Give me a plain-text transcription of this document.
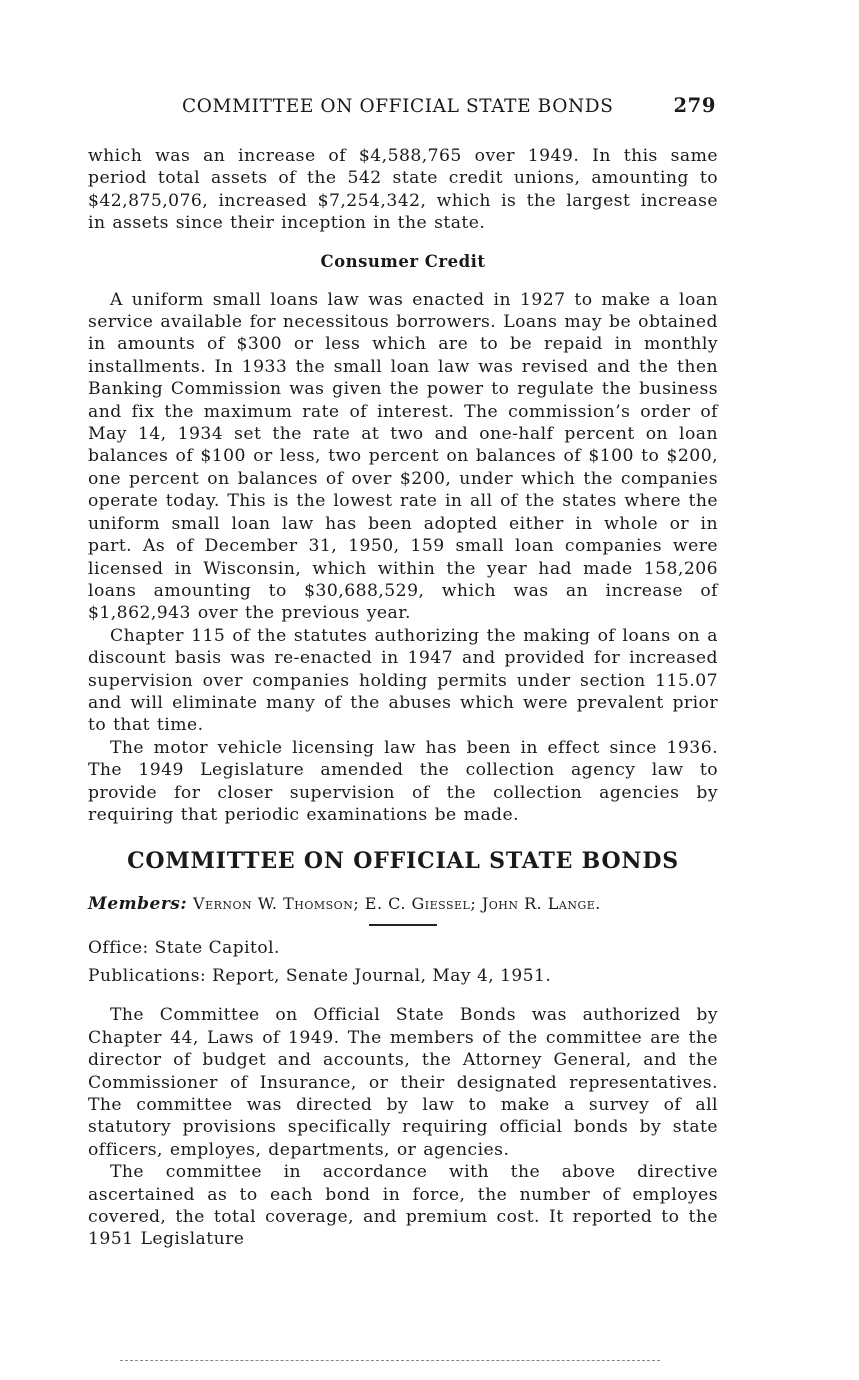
COMMITTEE ON OFFICIAL STATE BONDS	279

which was an increase of $4,588,765 over 1949. In this same period total assets of the 542 state credit unions, amounting to $42,875,076, increased $7,254,342, which is the largest increase in assets since their inception in the state.

Consumer Credit

A uniform small loans law was enacted in 1927 to make a loan service available for necessitous borrowers. Loans may be obtained in amounts of $300 or less which are to be repaid in monthly installments. In 1933 the small loan law was revised and the then Banking Commission was given the power to regulate the business and fix the maximum rate of interest. The commission’s order of May 14, 1934 set the rate at two and one-half percent on loan balances of $100 or less, two percent on balances of $100 to $200, one percent on balances of over $200, under which the companies operate today. This is the lowest rate in all of the states where the uniform small loan law has been adopted either in whole or in part. As of December 31, 1950, 159 small loan companies were licensed in Wisconsin, which within the year had made 158,206 loans amounting to $30,688,529, which was an increase of $1,862,943 over the previous year.

Chapter 115 of the statutes authorizing the making of loans on a discount basis was re-enacted in 1947 and provided for increased supervision over companies holding permits under section 115.07 and will eliminate many of the abuses which were prevalent prior to that time.

The motor vehicle licensing law has been in effect since 1936. The 1949 Legislature amended the collection agency law to provide for closer supervision of the collection agencies by requiring that periodic examinations be made.

COMMITTEE ON OFFICIAL STATE BONDS
Members: Vernon W. Thomson; E. C. Giessel; John R. Lange.
Office: State Capitol.
Publications: Report, Senate Journal, May 4, 1951.

The Committee on Official State Bonds was authorized by Chapter 44, Laws of 1949. The members of the committee are the director of budget and accounts, the Attorney General, and the Commissioner of Insurance, or their designated representatives. The committee was directed by law to make a survey of all statutory provisions specifically requiring official bonds by state officers, employes, departments, or agencies.

The committee in accordance with the above directive ascertained as to each bond in force, the number of employes covered, the total coverage, and premium cost. It reported to the 1951 Legislature
